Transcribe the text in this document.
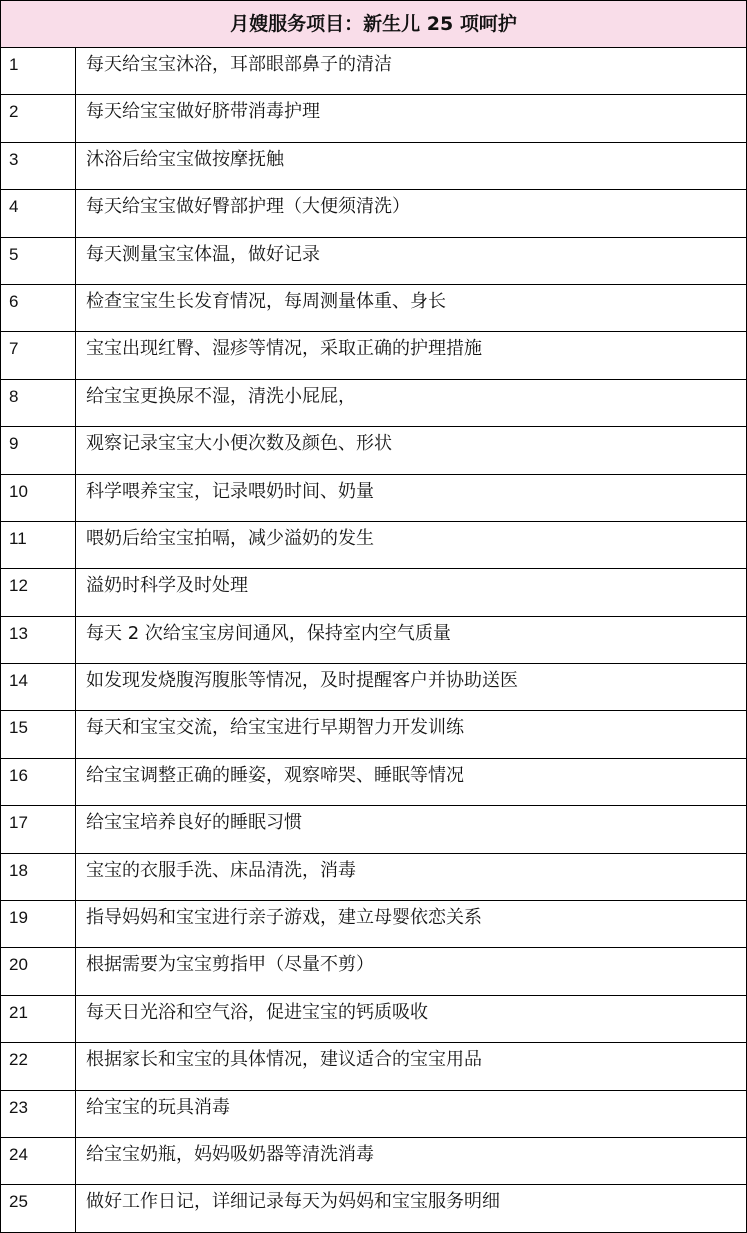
月嫂服务项目：新生儿 25 项呵护	
1	每天给宝宝沐浴，耳部眼部鼻子的清洁
2	每天给宝宝做好脐带消毒护理
3	沐浴后给宝宝做按摩抚触
4	每天给宝宝做好臀部护理（大便须清洗）
5	每天测量宝宝体温，做好记录
6	检查宝宝生长发育情况，每周测量体重、身长
7	宝宝出现红臀、湿疹等情况，采取正确的护理措施
8	给宝宝更换尿不湿，清洗小屁屁，
9	观察记录宝宝大小便次数及颜色、形状
10	科学喂养宝宝，记录喂奶时间、奶量
11	喂奶后给宝宝拍嗝，减少溢奶的发生
12	溢奶时科学及时处理
13	每天 2 次给宝宝房间通风，保持室内空气质量
14	如发现发烧腹泻腹胀等情况，及时提醒客户并协助送医
15	每天和宝宝交流，给宝宝进行早期智力开发训练
16	给宝宝调整正确的睡姿，观察啼哭、睡眠等情况
17	给宝宝培养良好的睡眠习惯
18	宝宝的衣服手洗、床品清洗，消毒
19	指导妈妈和宝宝进行亲子游戏，建立母婴依恋关系
20	根据需要为宝宝剪指甲（尽量不剪）
21	每天日光浴和空气浴，促进宝宝的钙质吸收
22	根据家长和宝宝的具体情况，建议适合的宝宝用品
23	给宝宝的玩具消毒
24	给宝宝奶瓶，妈妈吸奶器等清洗消毒
25	做好工作日记，详细记录每天为妈妈和宝宝服务明细
